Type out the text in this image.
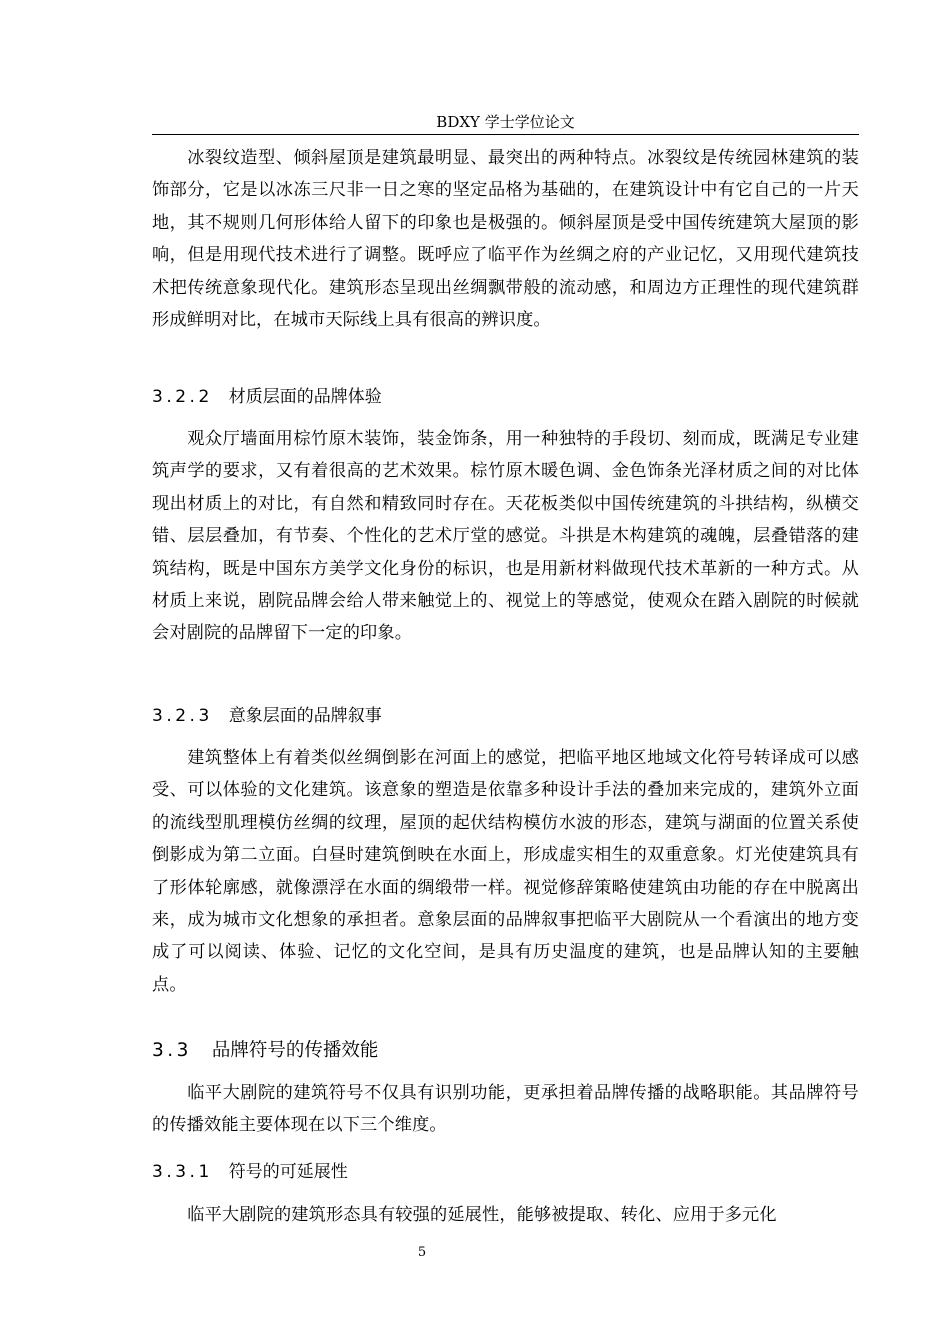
BDXY 学士学位论文

冰裂纹造型、倾斜屋顶是建筑最明显、最突出的两种特点。冰裂纹是传统园林建筑的装饰部分，它是以冰冻三尺非一日之寒的坚定品格为基础的，在建筑设计中有它自己的一片天地，其不规则几何形体给人留下的印象也是极强的。倾斜屋顶是受中国传统建筑大屋顶的影响，但是用现代技术进行了调整。既呼应了临平作为丝绸之府的产业记忆，又用现代建筑技术把传统意象现代化。建筑形态呈现出丝绸飘带般的流动感，和周边方正理性的现代建筑群形成鲜明对比，在城市天际线上具有很高的辨识度。

3.2.2 材质层面的品牌体验

观众厅墙面用棕竹原木装饰，装金饰条，用一种独特的手段切、刻而成，既满足专业建筑声学的要求，又有着很高的艺术效果。棕竹原木暖色调、金色饰条光泽材质之间的对比体现出材质上的对比，有自然和精致同时存在。天花板类似中国传统建筑的斗拱结构，纵横交错、层层叠加，有节奏、个性化的艺术厅堂的感觉。斗拱是木构建筑的魂魄，层叠错落的建筑结构，既是中国东方美学文化身份的标识，也是用新材料做现代技术革新的一种方式。从材质上来说，剧院品牌会给人带来触觉上的、视觉上的等感觉，使观众在踏入剧院的时候就会对剧院的品牌留下一定的印象。

3.2.3 意象层面的品牌叙事

建筑整体上有着类似丝绸倒影在河面上的感觉，把临平地区地域文化符号转译成可以感受、可以体验的文化建筑。该意象的塑造是依靠多种设计手法的叠加来完成的，建筑外立面的流线型肌理模仿丝绸的纹理，屋顶的起伏结构模仿水波的形态，建筑与湖面的位置关系使倒影成为第二立面。白昼时建筑倒映在水面上，形成虚实相生的双重意象。灯光使建筑具有了形体轮廓感，就像漂浮在水面的绸缎带一样。视觉修辞策略使建筑由功能的存在中脱离出来，成为城市文化想象的承担者。意象层面的品牌叙事把临平大剧院从一个看演出的地方变成了可以阅读、体验、记忆的文化空间，是具有历史温度的建筑，也是品牌认知的主要触点。

3.3 品牌符号的传播效能

临平大剧院的建筑符号不仅具有识别功能，更承担着品牌传播的战略职能。其品牌符号的传播效能主要体现在以下三个维度。

3.3.1 符号的可延展性

临平大剧院的建筑形态具有较强的延展性，能够被提取、转化、应用于多元化

5
